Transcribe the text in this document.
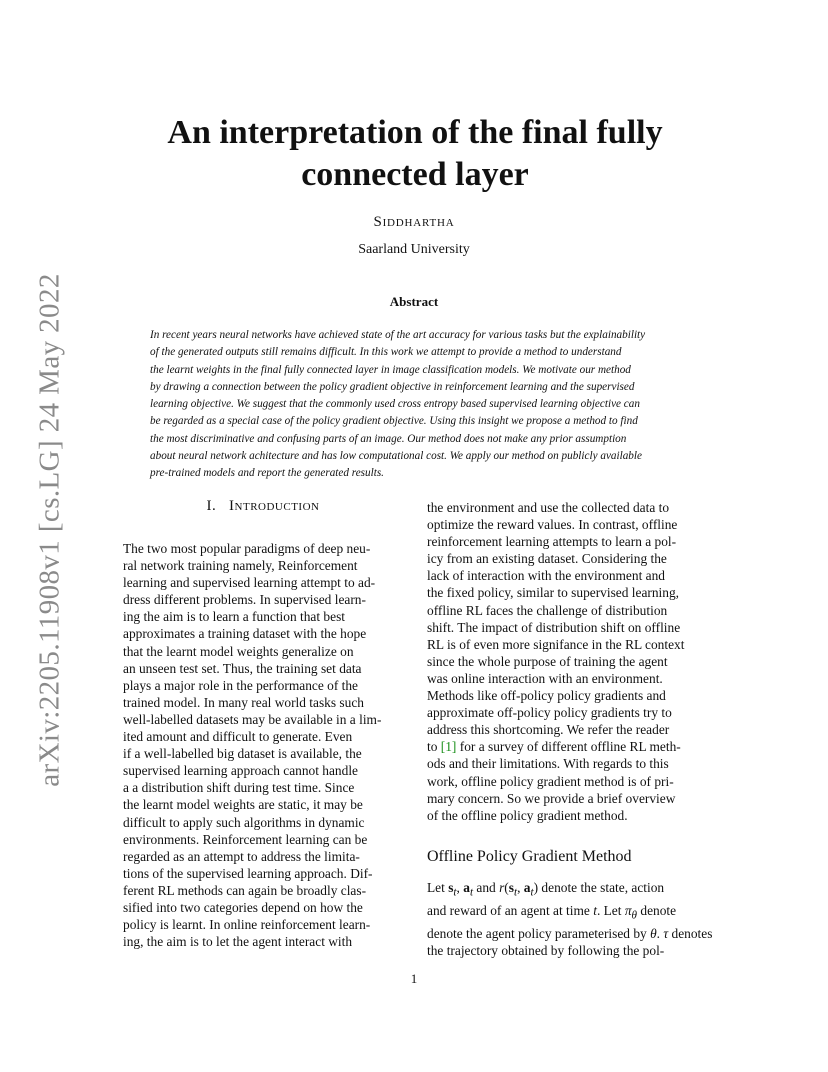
arXiv:2205.11908v1 [cs.LG] 24 May 2022
An interpretation of the final fully
connected layer
Siddhartha
Saarland University
Abstract
In recent years neural networks have achieved state of the art accuracy for various tasks but the explainability
of the generated outputs still remains difficult. In this work we attempt to provide a method to understand
the learnt weights in the final fully connected layer in image classification models. We motivate our method
by drawing a connection between the policy gradient objective in reinforcement learning and the supervised
learning objective. We suggest that the commonly used cross entropy based supervised learning objective can
be regarded as a special case of the policy gradient objective. Using this insight we propose a method to find
the most discriminative and confusing parts of an image. Our method does not make any prior assumption
about neural network achitecture and has low computational cost. We apply our method on publicly available
pre-trained models and report the generated results.
I. Introduction
The two most popular paradigms of deep neu-
ral network training namely, Reinforcement
learning and supervised learning attempt to ad-
dress different problems. In supervised learn-
ing the aim is to learn a function that best
approximates a training dataset with the hope
that the learnt model weights generalize on
an unseen test set. Thus, the training set data
plays a major role in the performance of the
trained model. In many real world tasks such
well-labelled datasets may be available in a lim-
ited amount and difficult to generate. Even
if a well-labelled big dataset is available, the
supervised learning approach cannot handle
a a distribution shift during test time. Since
the learnt model weights are static, it may be
difficult to apply such algorithms in dynamic
environments. Reinforcement learning can be
regarded as an attempt to address the limita-
tions of the supervised learning approach. Dif-
ferent RL methods can again be broadly clas-
sified into two categories depend on how the
policy is learnt. In online reinforcement learn-
ing, the aim is to let the agent interact with
the environment and use the collected data to
optimize the reward values. In contrast, offline
reinforcement learning attempts to learn a pol-
icy from an existing dataset. Considering the
lack of interaction with the environment and
the fixed policy, similar to supervised learning,
offline RL faces the challenge of distribution
shift. The impact of distribution shift on offline
RL is of even more signifance in the RL context
since the whole purpose of training the agent
was online interaction with an environment.
Methods like off-policy policy gradients and
approximate off-policy policy gradients try to
address this shortcoming. We refer the reader
to [1] for a survey of different offline RL meth-
ods and their limitations. With regards to this
work, offline policy gradient method is of pri-
mary concern. So we provide a brief overview
of the offline policy gradient method.
Offline Policy Gradient Method
Let $s_t$, $a_t$ and $r(s_t$, $a_t$) denote the state, action
and reward of an agent at time t. Let $\pi_\theta$ denote
denote the agent policy parameterised by θ. τ denotes
the trajectory obtained by following the pol-
1
